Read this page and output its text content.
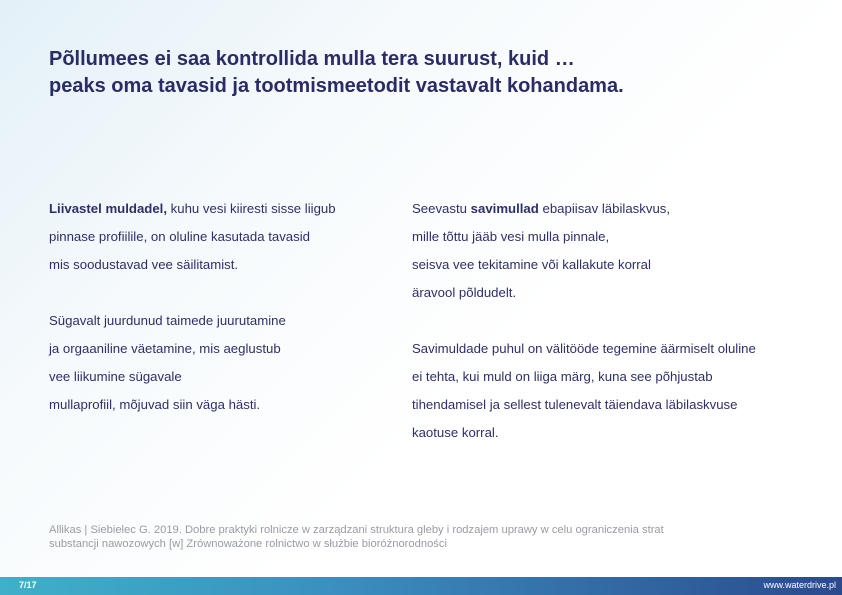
Põllumees ei saa kontrollida mulla tera suurust, kuid …
peaks oma tavasid ja tootmismeetodit vastavalt kohandama.
Liivastel muldadel, kuhu vesi kiiresti sisse liigub
pinnase profiilile, on oluline kasutada tavasid
mis soodustavad vee säilitamist.
Sügavalt juurdunud taimede juurutamine
ja orgaaniline väetamine, mis aeglustub
vee liikumine sügavale
mullaprofiil, mõjuvad siin väga hästi.
Seevastu savimullad ebapiisav läbilaskvus,
mille tõttu jääb vesi mulla pinnale,
seisva vee tekitamine või kallakute korral
äravool põldudelt.
Savimuldade puhul on välitööde tegemine äärmiselt oluline
ei tehta, kui muld on liiga märg, kuna see põhjustab
tihendamisel ja sellest tulenevalt täiendava läbilaskvuse
kaotuse korral.
Allikas | Siebielec G. 2019. Dobre praktyki rolnicze w zarządzani struktura gleby i rodzajem uprawy w celu ograniczenia strat
substancji nawozowych [w] Zrównoważone rolnictwo w służbie bioróżnorodności
7/17	www.waterdrive.pl
